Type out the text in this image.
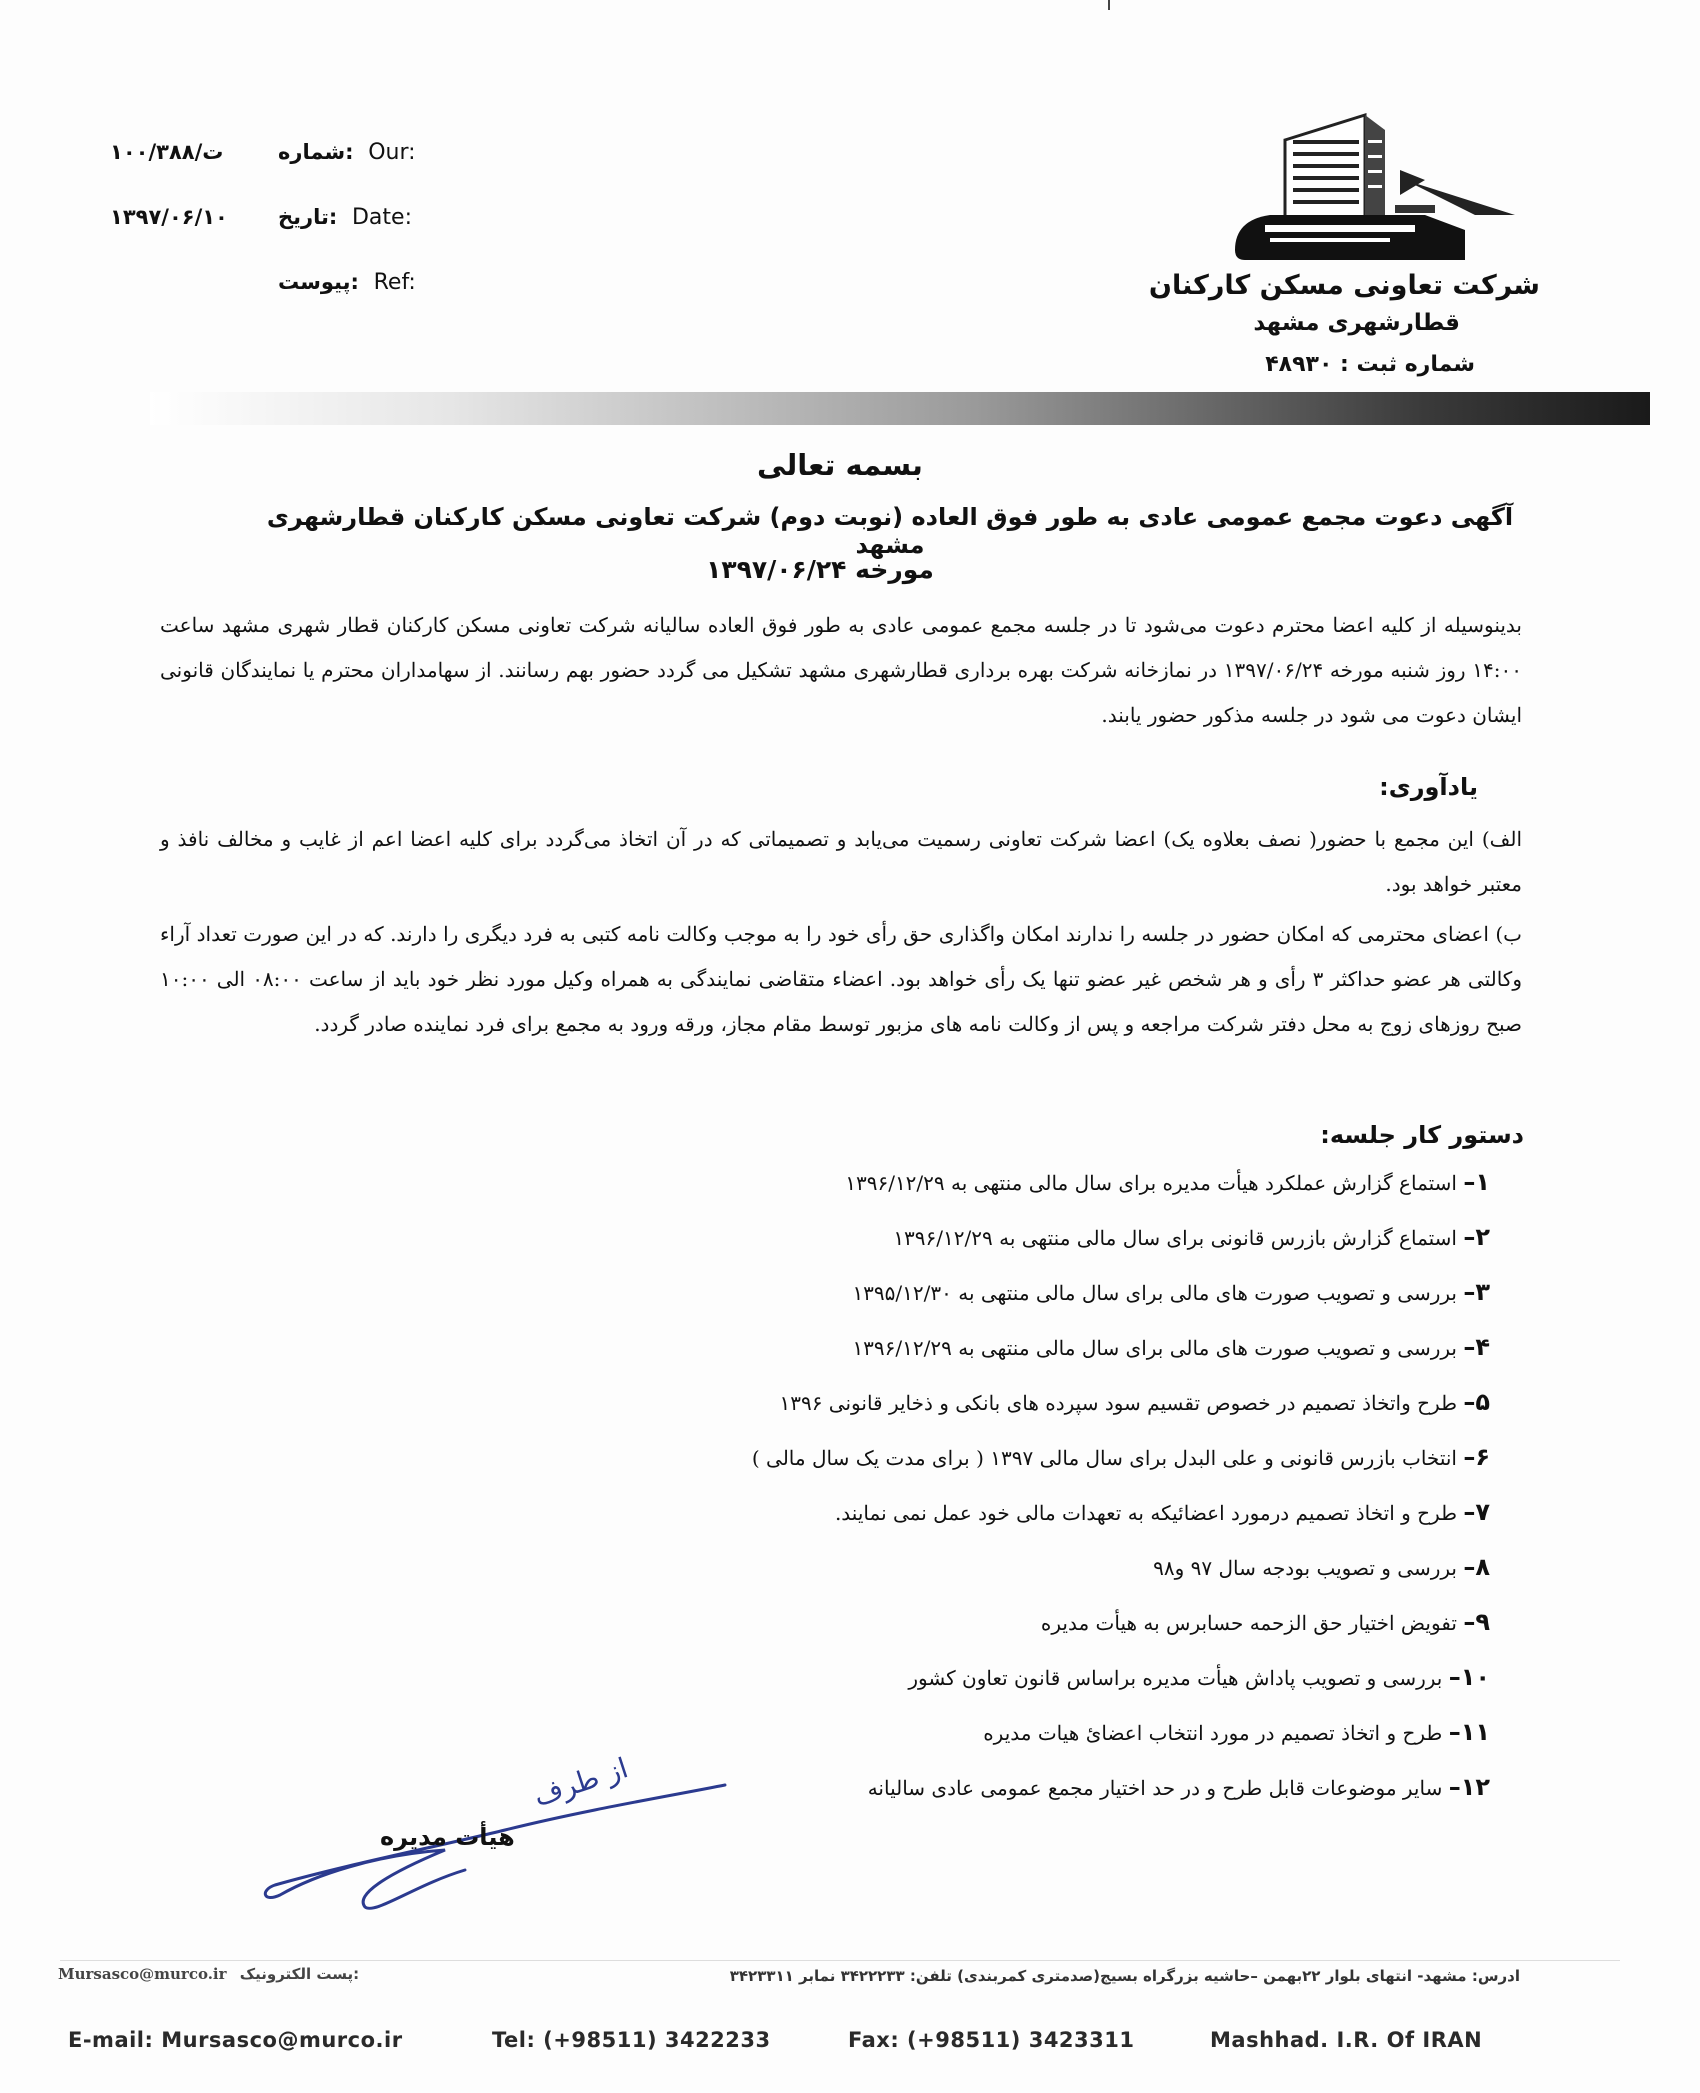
۱۰۰/۳۸۸/ت	شماره: Our:
۱۳۹۷/۰۶/۱۰ تاریخ: Date:
پیوست: Ref:	شرکت تعاونی مسکن کارکنان
قطارشهری مشهد
شماره ثبت : ۴۸۹۳۰
بسمه تعالی
آگهی دعوت مجمع عمومی عادی به طور فوق العاده (نوبت دوم) شرکت تعاونی مسکن کارکنان قطارشهری مشهد
مورخه ۱۳۹۷/۰۶/۲۴
بدینوسیله از کلیه اعضا محترم دعوت می‌شود تا در جلسه مجمع عمومی عادی به طور فوق العاده سالیانه شرکت تعاونی مسکن کارکنان قطار شهری مشهد ساعت ۱۴:۰۰ روز شنبه مورخه ۱۳۹۷/۰۶/۲۴ در نمازخانه شرکت بهره برداری قطارشهری مشهد تشکیل می گردد حضور بهم رسانند. از سهامداران محترم یا نمایندگان قانونی ایشان دعوت می شود در جلسه مذکور حضور یابند.
یادآوری:
الف) این مجمع با حضور( نصف بعلاوه یک) اعضا شرکت تعاونی رسمیت می‌یابد و تصمیماتی که در آن اتخاذ می‌گردد برای کلیه اعضا اعم از غایب و مخالف نافذ و معتبر خواهد بود.
ب) اعضای محترمی که امکان حضور در جلسه را ندارند امکان واگذاری حق رأی خود را به موجب وکالت نامه کتبی به فرد دیگری را دارند. که در این صورت تعداد آراء وکالتی هر عضو حداکثر ۳ رأی و هر شخص غیر عضو تنها یک رأی خواهد بود. اعضاء متقاضی نمایندگی به همراه وکیل مورد نظر خود باید از ساعت ۰۸:۰۰ الی ۱۰:۰۰ صبح روزهای زوج به محل دفتر شرکت مراجعه و پس از وکالت نامه های مزبور توسط مقام مجاز، ورقه ورود به مجمع برای فرد نماینده صادر گردد.
دستور کار جلسه:
۱– استماع گزارش عملکرد هیأت مدیره برای سال مالی منتهی به ۱۳۹۶/۱۲/۲۹
۲– استماع گزارش بازرس قانونی برای سال مالی منتهی به ۱۳۹۶/۱۲/۲۹
۳– بررسی و تصویب صورت های مالی برای سال مالی منتهی به ۱۳۹۵/۱۲/۳۰
۴– بررسی و تصویب صورت های مالی برای سال مالی منتهی به ۱۳۹۶/۱۲/۲۹
۵– طرح واتخاذ تصمیم در خصوص تقسیم سود سپرده های بانکی و ذخایر قانونی ۱۳۹۶
۶– انتخاب بازرس قانونی و علی البدل برای سال مالی ۱۳۹۷ ( برای مدت یک سال مالی )
۷– طرح و اتخاذ تصمیم درمورد اعضائیکه به تعهدات مالی خود عمل نمی نمایند.
۸– بررسی و تصویب بودجه سال ۹۷ و۹۸
۹– تفویض اختیار حق الزحمه حسابرس به هیأت مدیره
۱۰– بررسی و تصویب پاداش هیأت مدیره براساس قانون تعاون کشور
۱۱– طرح و اتخاذ تصمیم در مورد انتخاب اعضائ هیات مدیره
۱۲– سایر موضوعات قابل طرح و در حد اختیار مجمع عمومی عادی سالیانه
از طرف
هیأت مدیره
ادرس: مشهد- انتهای بلوار ۲۲بهمن –حاشیه بزرگراه بسیج(صدمتری کمربندی) تلفن: ۳۴۲۲۲۳۳ نمابر ۳۴۲۳۳۱۱
Mursasco@murco.ir پست الکترونیک:
E-mail: Mursasco@murco.ir	Tel: (+98511) 3422233	Fax: (+98511) 3423311	Mashhad. I.R. Of IRAN
